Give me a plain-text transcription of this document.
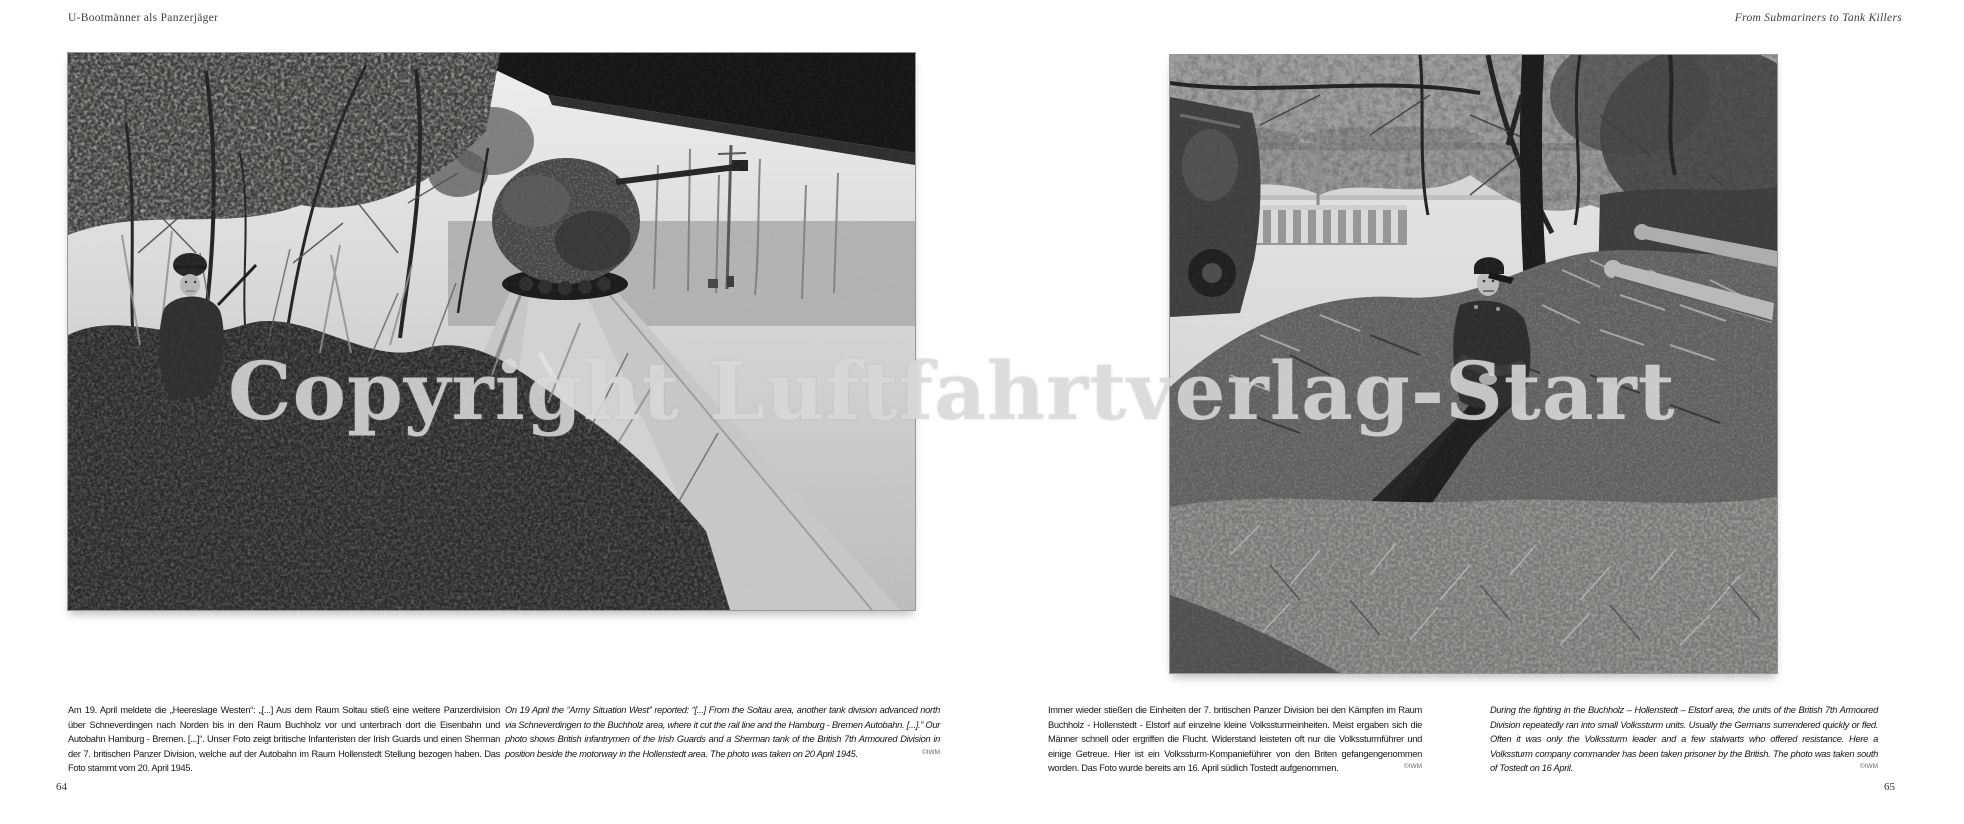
U-Bootmänner als Panzerjäger	From Submariners to Tank Killers
Copyright Luftfahrtverlag-Start
Am 19. April meldete die „Heereslage Westen“: „[...] Aus dem Raum Soltau stieß eine weitere Panzerdivision über Schneverdingen nach Norden bis in den Raum Buchholz vor und unterbrach dort die Eisenbahn und Autobahn Hamburg - Bremen. [...]“. Unser Foto zeigt britische Infanteristen der Irish Guards und einen Sherman der 7. britischen Panzer Division, welche auf der Autobahn im Raum Hollenstedt Stellung bezogen haben. Das Foto stammt vom 20. April 1945.
On 19 April the “Army Situation West” reported: “[...] From the Soltau area, another tank division advanced north via Schneverdingen to the Buchholz area, where it cut the rail line and the Hamburg - Bremen Autobahn. [...].” Our photo shows British infantrymen of the Irish Guards and a Sherman tank of the British 7th Armoured Division in position beside the motorway in the Hollenstedt area. The photo was taken on 20 April 1945.	©IWM
Immer wieder stießen die Einheiten der 7. britischen Panzer Division bei den Kämpfen im Raum Buchholz - Hollenstedt - Elstorf auf einzelne kleine Volkssturmeinheiten. Meist ergaben sich die Männer schnell oder ergriffen die Flucht. Widerstand leisteten oft nur die Volkssturmführer und einige Getreue. Hier ist ein Volkssturm-Kompanieführer von den Briten gefangengenommen worden. Das Foto wurde bereits am 16. April südlich Tostedt aufgenommen.	©IWM
During the fighting in the Buchholz – Hollenstedt – Elstorf area, the units of the British 7th Armoured Division repeatedly ran into small Volkssturm units. Usually the Germans surrendered quickly or fled. Often it was only the Volkssturm leader and a few stalwarts who offered resistance. Here a Volkssturm company commander has been taken prisoner by the British. The photo was taken south of Tostedt on 16 April.	©IWM
64	65
